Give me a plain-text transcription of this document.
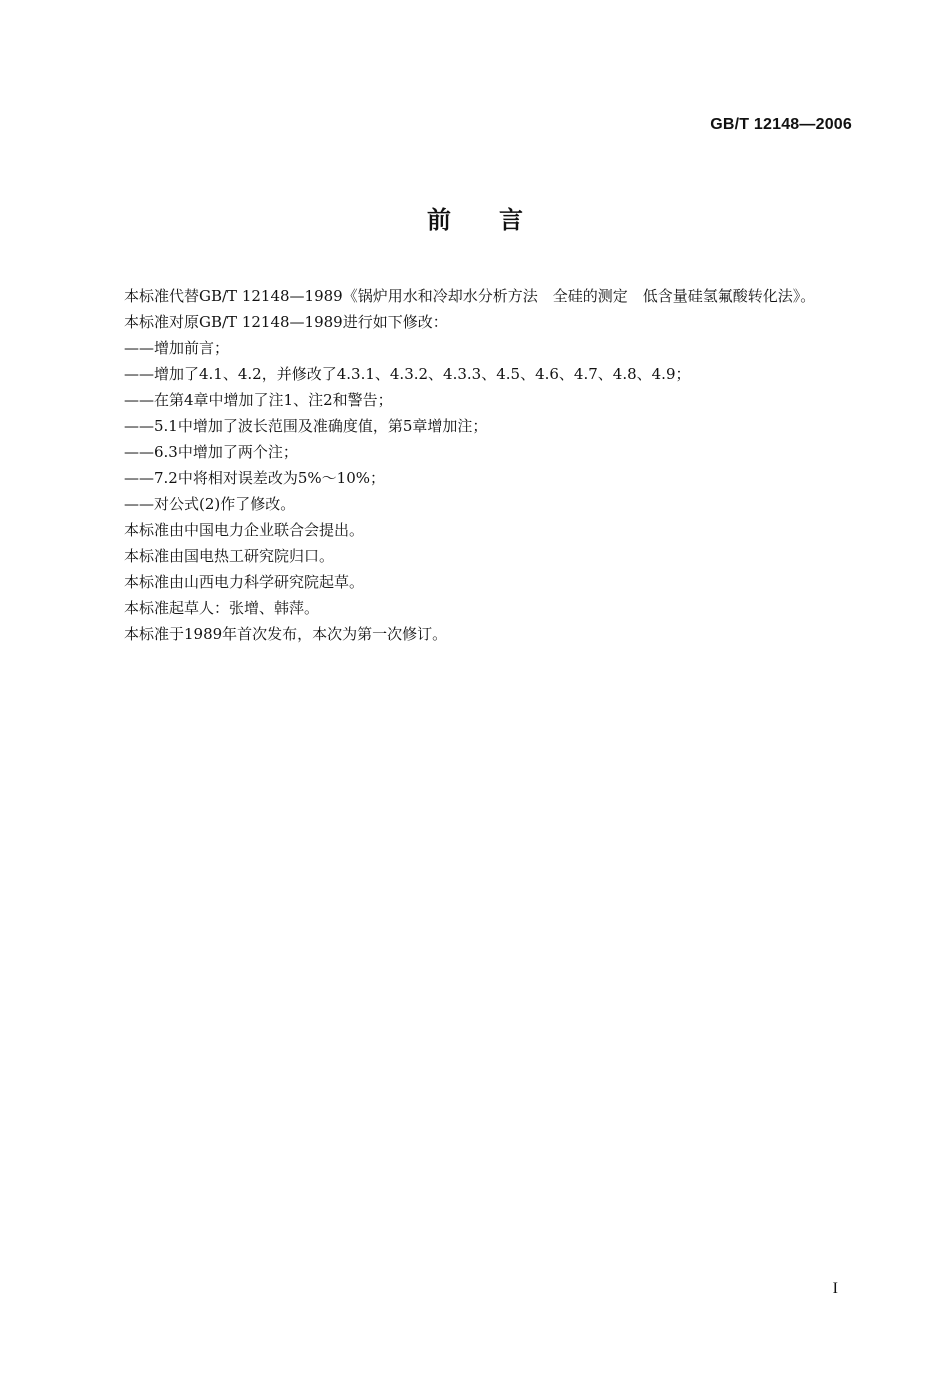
GB/T 12148—2006
前言

本标准代替GB/T 12148—1989《锅炉用水和冷却水分析方法　全硅的测定　低含量硅氢氟酸转化法》。

本标准对原GB/T 12148—1989进行如下修改：

——增加前言；

——增加了4.1、4.2，并修改了4.3.1、4.3.2、4.3.3、4.5、4.6、4.7、4.8、4.9；

——在第4章中增加了注1、注2和警告；

——5.1中增加了波长范围及准确度值，第5章增加注；

——6.3中增加了两个注；

——7.2中将相对误差改为5%～10%；

——对公式(2)作了修改。

本标准由中国电力企业联合会提出。

本标准由国电热工研究院归口。

本标准由山西电力科学研究院起草。

本标准起草人：张增、韩萍。

本标准于1989年首次发布，本次为第一次修订。

I
